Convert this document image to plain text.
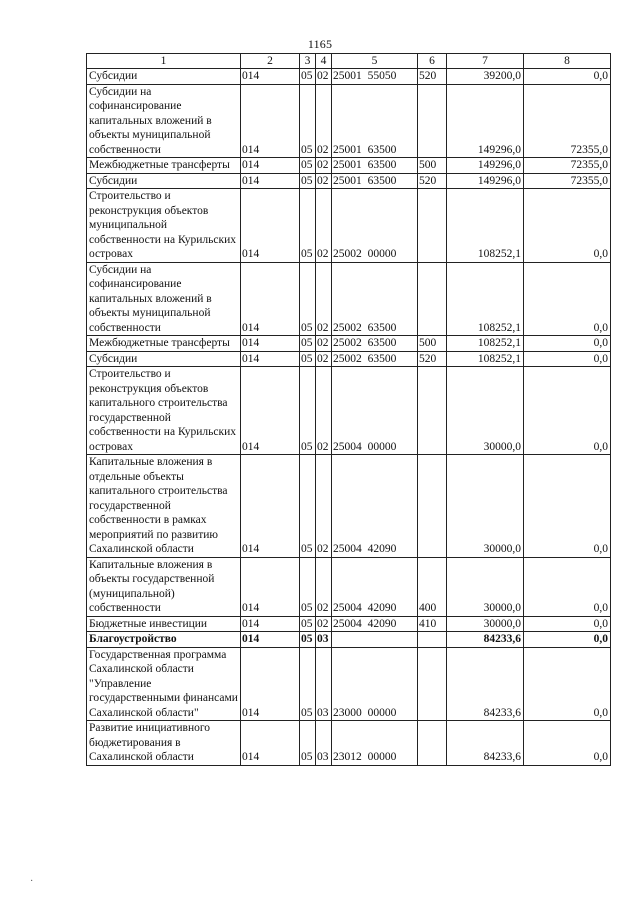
1165
1	2	3	4	5	6	7	8
Субсидии	014	05	02	25001 55050	520	39200,0	0,0
Субсидии на софинансирование капитальных вложений в объекты муниципальной собственности	014	05	02	25001 63500		149296,0	72355,0
Межбюджетные трансферты	014	05	02	25001 63500	500	149296,0	72355,0
Субсидии	014	05	02	25001 63500	520	149296,0	72355,0
Строительство и реконструкция объектов муниципальной собственности на Курильских островах	014	05	02	25002 00000		108252,1	0,0
Субсидии на софинансирование капитальных вложений в объекты муниципальной собственности	014	05	02	25002 63500		108252,1	0,0
Межбюджетные трансферты	014	05	02	25002 63500	500	108252,1	0,0
Субсидии	014	05	02	25002 63500	520	108252,1	0,0
Строительство и реконструкция объектов капитального строительства государственной собственности на Курильских островах	014	05	02	25004 00000		30000,0	0,0
Капитальные вложения в отдельные объекты капитального строительства государственной собственности в рамках мероприятий по развитию Сахалинской области	014	05	02	25004 42090		30000,0	0,0
Капитальные вложения в объекты государственной (муниципальной) собственности	014	05	02	25004 42090	400	30000,0	0,0
Бюджетные инвестиции	014	05	02	25004 42090	410	30000,0	0,0
Благоустройство	014	05	03			84233,6	0,0
Государственная программа Сахалинской области "Управление государственными финансами Сахалинской области"	014	05	03	23000 00000		84233,6	0,0
Развитие инициативного бюджетирования в Сахалинской области	014	05	03	23012 00000		84233,6	0,0
·
